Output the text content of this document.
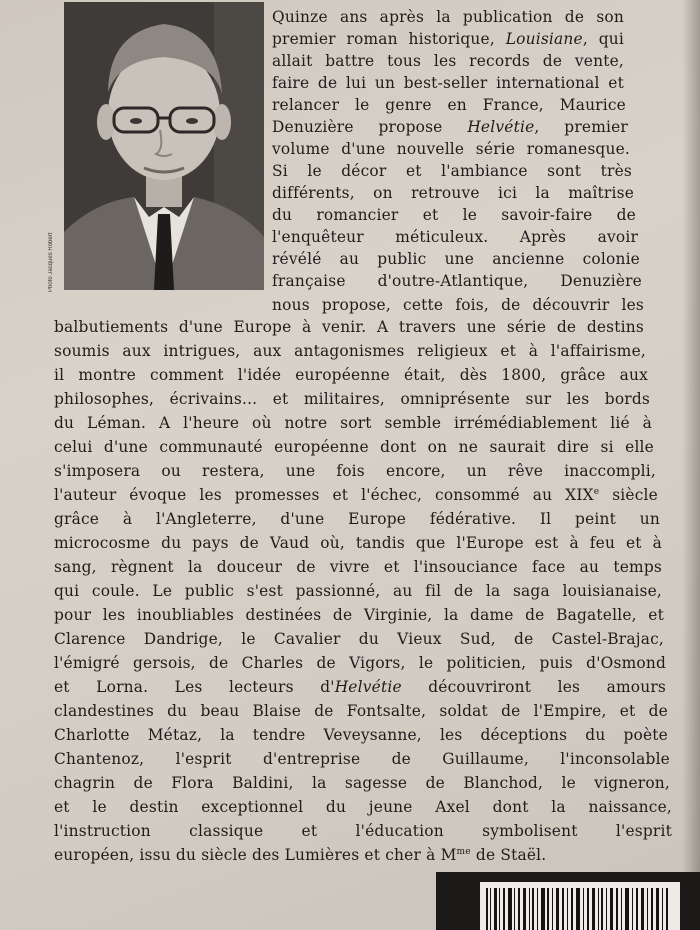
Photo Jacques Robert
Quinze ans après la publication de son
premier roman historique, Louisiane, qui
allait battre tous les records de vente,
faire de lui un best-seller international et
relancer le genre en France, Maurice
Denuzière propose Helvétie, premier
volume d'une nouvelle série romanesque.
Si le décor et l'ambiance sont très
différents, on retrouve ici la maîtrise
du romancier et le savoir-faire de
l'enquêteur méticuleux. Après avoir
révélé au public une ancienne colonie
française d'outre-Atlantique, Denuzière
nous propose, cette fois, de découvrir les
balbutiements d'une Europe à venir. A travers une série de destins
soumis aux intrigues, aux antagonismes religieux et à l'affairisme,
il montre comment l'idée européenne était, dès 1800, grâce aux
philosophes, écrivains... et militaires, omniprésente sur les bords
du Léman. A l'heure où notre sort semble irrémédiablement lié à
celui d'une communauté européenne dont on ne saurait dire si elle
s'imposera ou restera, une fois encore, un rêve inaccompli,
l'auteur évoque les promesses et l'échec, consommé au XIXe siècle
grâce à l'Angleterre, d'une Europe fédérative. Il peint un
microcosme du pays de Vaud où, tandis que l'Europe est à feu et à
sang, règnent la douceur de vivre et l'insouciance face au temps
qui coule. Le public s'est passionné, au fil de la saga louisianaise,
pour les inoubliables destinées de Virginie, la dame de Bagatelle, et
Clarence Dandrige, le Cavalier du Vieux Sud, de Castel-Brajac,
l'émigré gersois, de Charles de Vigors, le politicien, puis d'Osmond
et Lorna. Les lecteurs d'Helvétie découvriront les amours
clandestines du beau Blaise de Fontsalte, soldat de l'Empire, et de
Charlotte Métaz, la tendre Veveysanne, les déceptions du poète
Chantenoz, l'esprit d'entreprise de Guillaume, l'inconsolable
chagrin de Flora Baldini, la sagesse de Blanchod, le vigneron,
et le destin exceptionnel du jeune Axel dont la naissance,
l'instruction classique et l'éducation symbolisent l'esprit
européen, issu du siècle des Lumières et cher à $M^{me}$ de Staël.
